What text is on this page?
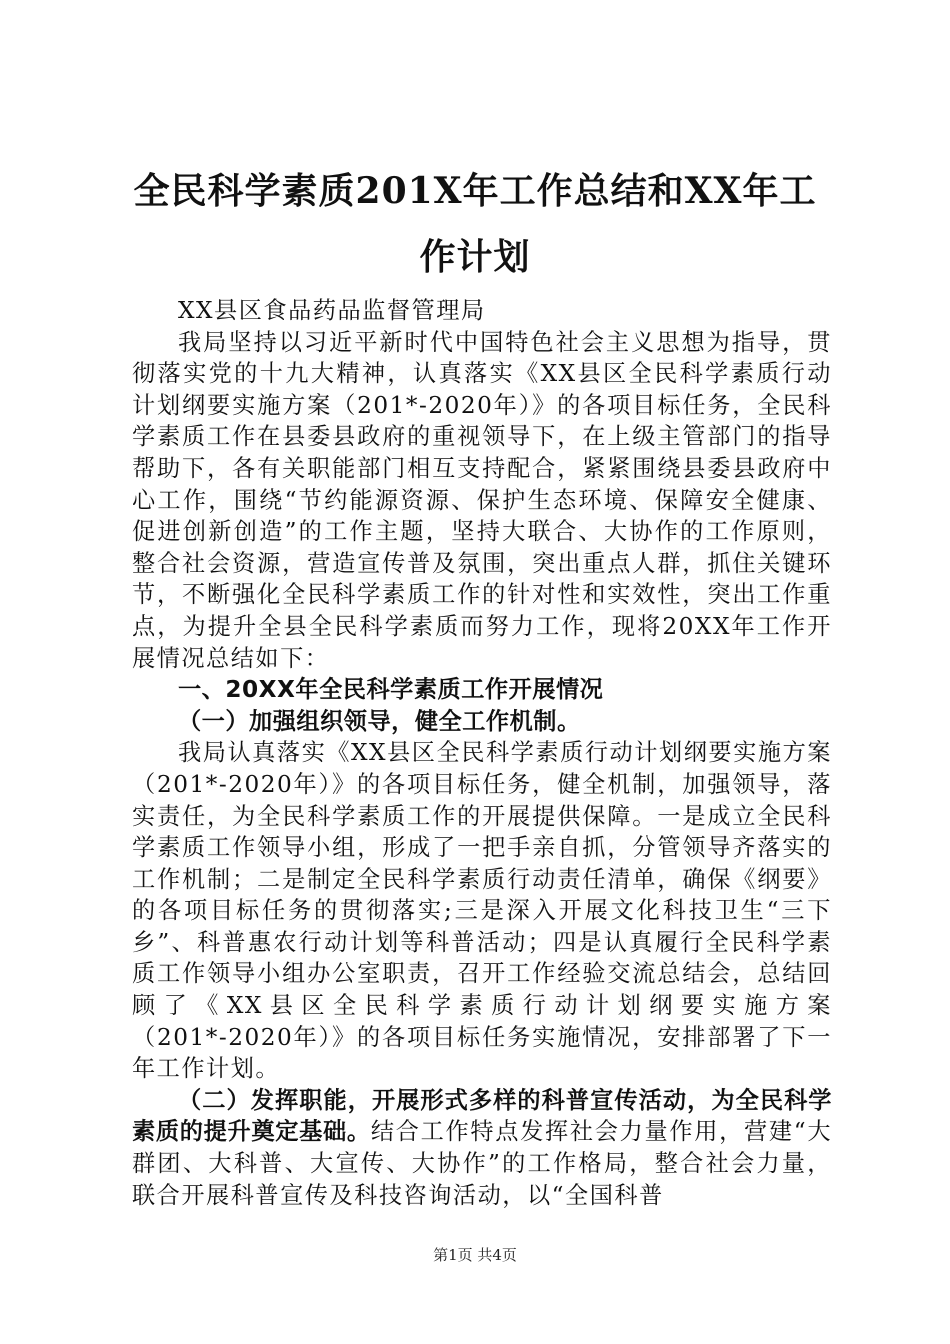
全民科学素质201X年工作总结和XX年工作计划

XX县区食品药品监督管理局

我局坚持以习近平新时代中国特色社会主义思想为指导，贯彻落实党的十九大精神，认真落实《XX县区全民科学素质行动计划纲要实施方案（201*-2020年）》的各项目标任务，全民科学素质工作在县委县政府的重视领导下，在上级主管部门的指导帮助下，各有关职能部门相互支持配合，紧紧围绕县委县政府中心工作，围绕“节约能源资源、保护生态环境、保障安全健康、促进创新创造”的工作主题，坚持大联合、大协作的工作原则，整合社会资源，营造宣传普及氛围，突出重点人群，抓住关键环节，不断强化全民科学素质工作的针对性和实效性，突出工作重点，为提升全县全民科学素质而努力工作，现将20XX年工作开展情况总结如下：

一、20XX年全民科学素质工作开展情况

（一）加强组织领导，健全工作机制。

我局认真落实《XX县区全民科学素质行动计划纲要实施方案（201*-2020年）》的各项目标任务，健全机制，加强领导，落实责任，为全民科学素质工作的开展提供保障。一是成立全民科学素质工作领导小组，形成了一把手亲自抓，分管领导齐落实的工作机制；二是制定全民科学素质行动责任清单，确保《纲要》的各项目标任务的贯彻落实;三是深入开展文化科技卫生“三下乡”、科普惠农行动计划等科普活动；四是认真履行全民科学素质工作领导小组办公室职责，召开工作经验交流总结会，总结回顾了《XX县区全民科学素质行动计划纲要实施方案（201*-2020年）》的各项目标任务实施情况，安排部署了下一年工作计划。

（二）发挥职能，开展形式多样的科普宣传活动，为全民科学素质的提升奠定基础。结合工作特点发挥社会力量作用，营建“大群团、大科普、大宣传、大协作”的工作格局，整合社会力量，联合开展科普宣传及科技咨询活动，以“全国科普

第1页 共4页
